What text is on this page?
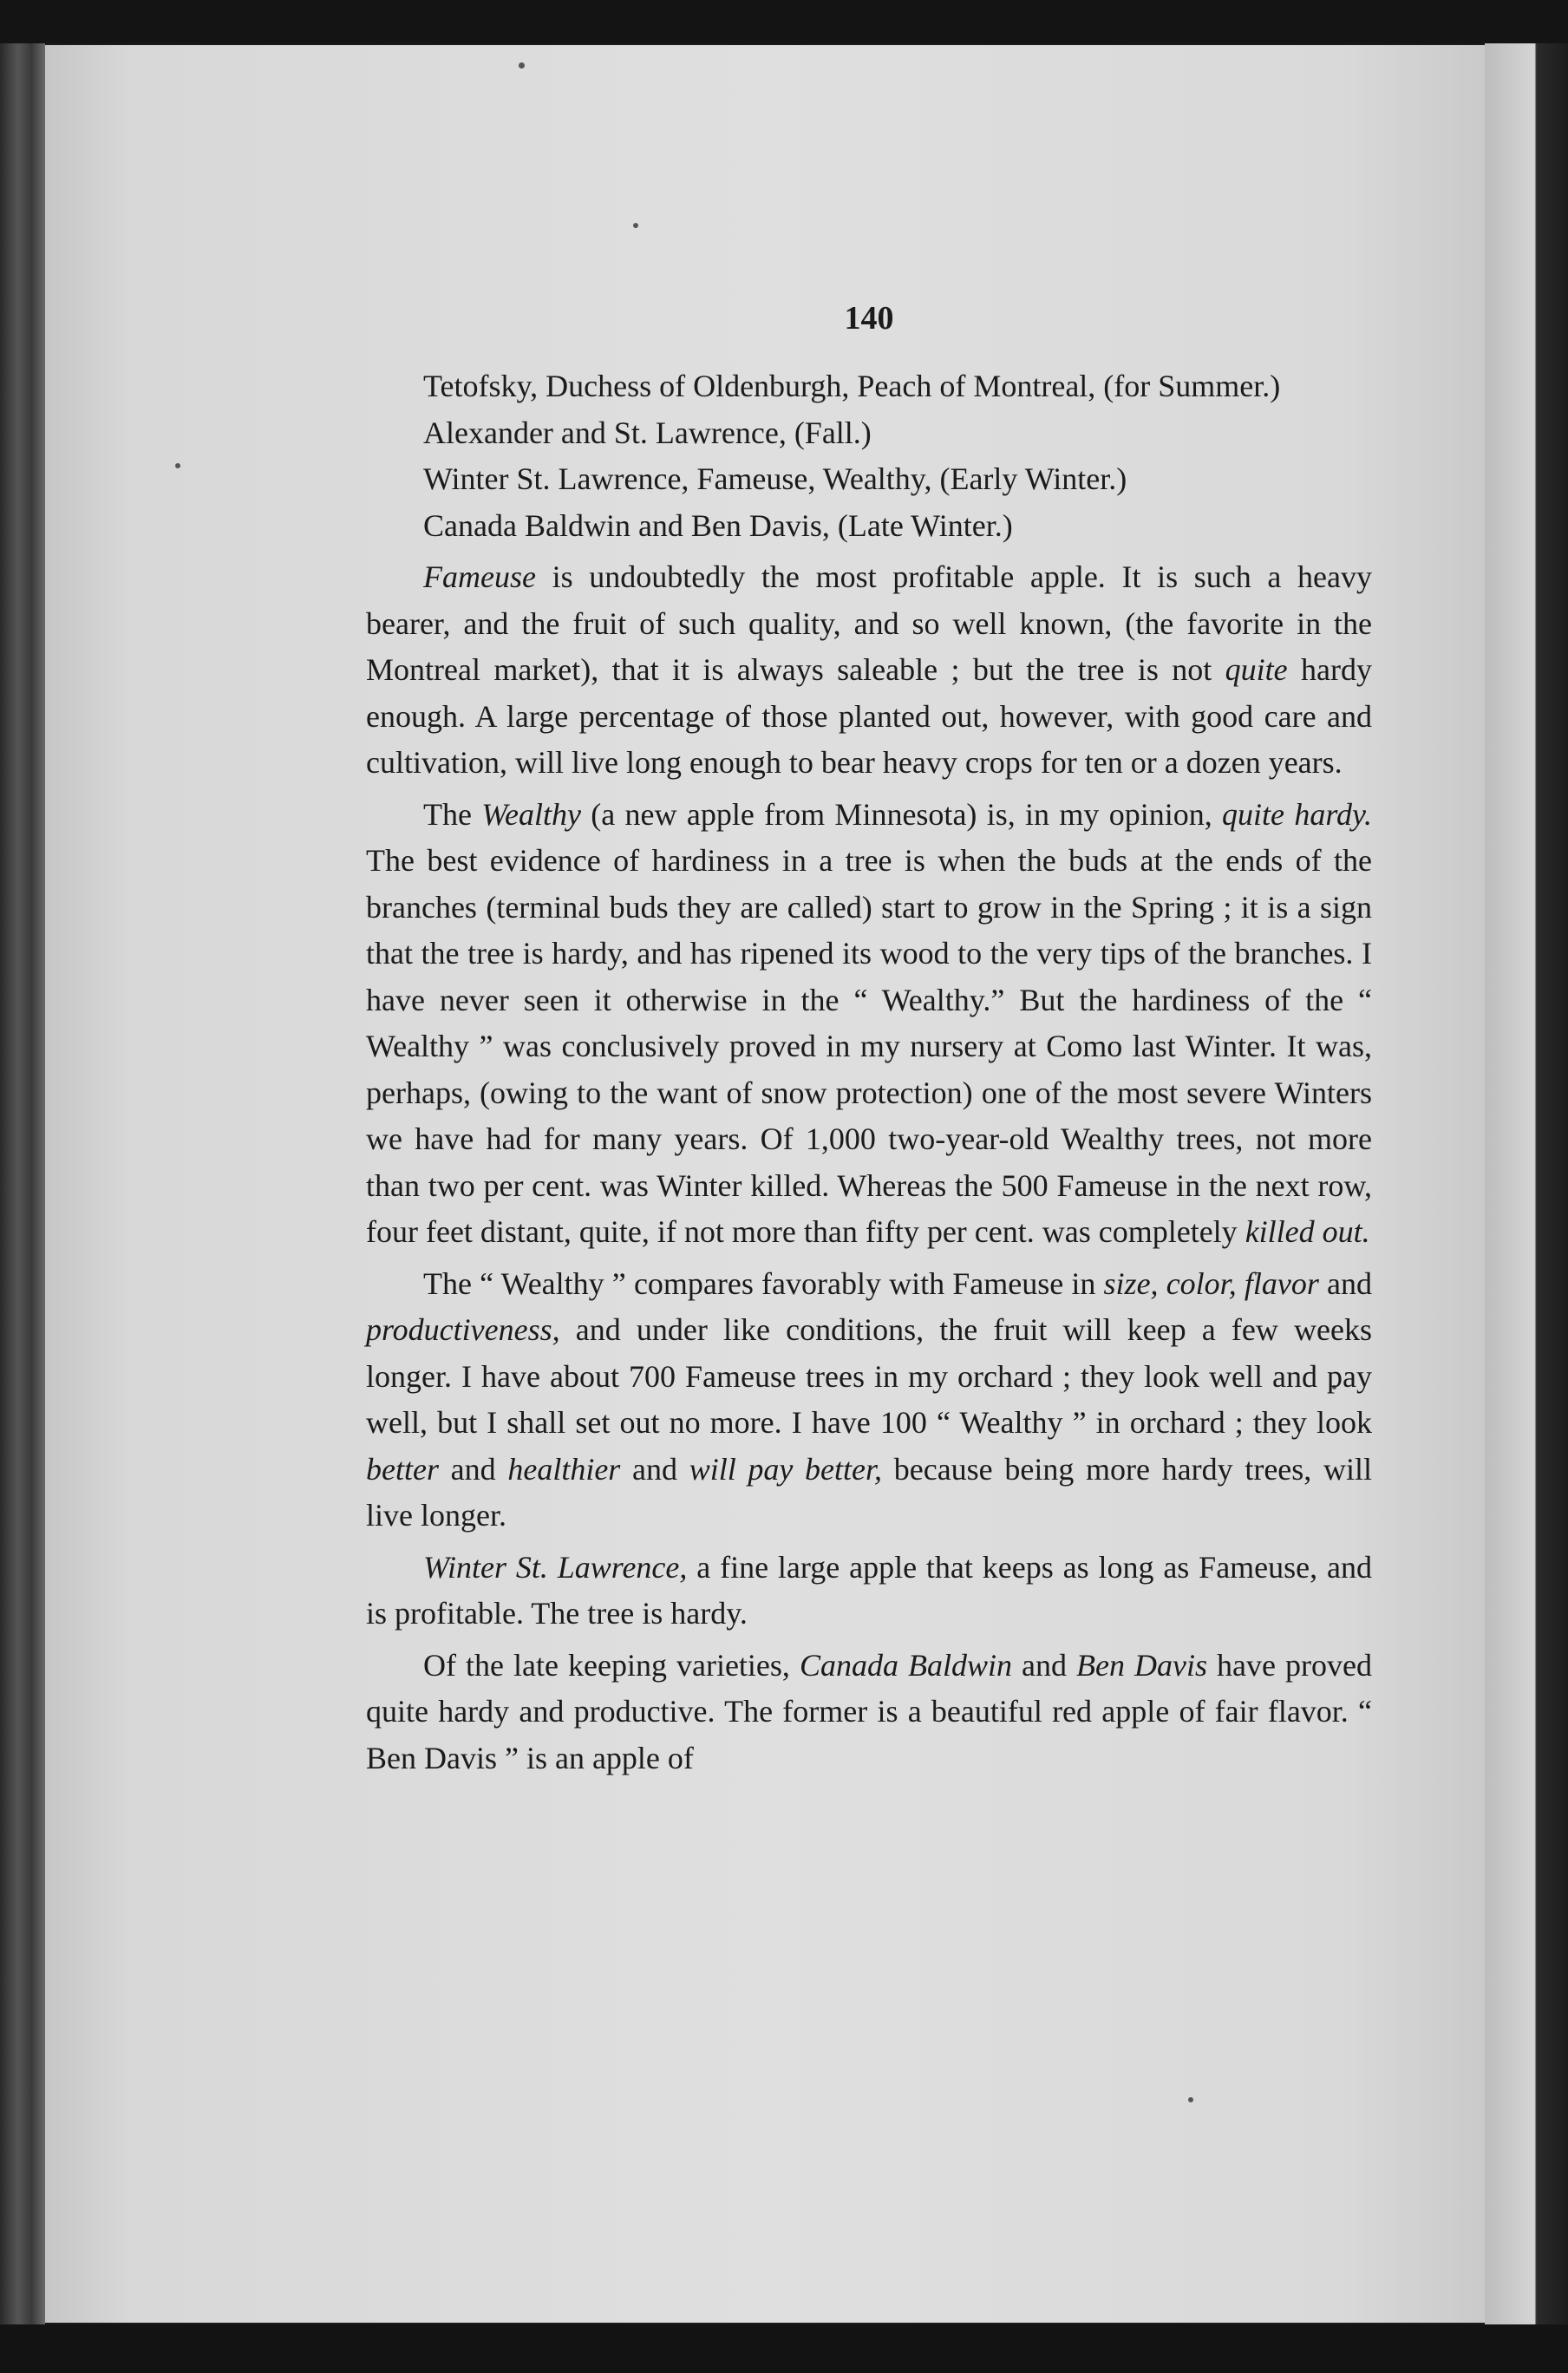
140

Tetofsky, Duchess of Oldenburgh, Peach of Montreal, (for Summer.)

Alexander and St. Lawrence, (Fall.)

Winter St. Lawrence, Fameuse, Wealthy, (Early Winter.)

Canada Baldwin and Ben Davis, (Late Winter.)

Fameuse is undoubtedly the most profitable apple. It is such a heavy bearer, and the fruit of such quality, and so well known, (the favorite in the Montreal market), that it is always saleable ; but the tree is not quite hardy enough. A large percentage of those planted out, however, with good care and cultivation, will live long enough to bear heavy crops for ten or a dozen years.

The Wealthy (a new apple from Minnesota) is, in my opinion, quite hardy. The best evidence of hardiness in a tree is when the buds at the ends of the branches (terminal buds they are called) start to grow in the Spring ; it is a sign that the tree is hardy, and has ripened its wood to the very tips of the branches. I have never seen it otherwise in the “ Wealthy.” But the hardiness of the “ Wealthy ” was conclusively proved in my nursery at Como last Winter. It was, perhaps, (owing to the want of snow protection) one of the most severe Winters we have had for many years. Of 1,000 two-year-old Wealthy trees, not more than two per cent. was Winter killed. Whereas the 500 Fameuse in the next row, four feet distant, quite, if not more than fifty per cent. was completely killed out.

The “ Wealthy ” compares favorably with Fameuse in size, color, flavor and productiveness, and under like conditions, the fruit will keep a few weeks longer. I have about 700 Fameuse trees in my orchard ; they look well and pay well, but I shall set out no more. I have 100 “ Wealthy ” in orchard ; they look better and healthier and will pay better, because being more hardy trees, will live longer.

Winter St. Lawrence, a fine large apple that keeps as long as Fameuse, and is profitable. The tree is hardy.

Of the late keeping varieties, Canada Baldwin and Ben Davis have proved quite hardy and productive. The former is a beautiful red apple of fair flavor. “ Ben Davis ” is an apple of
